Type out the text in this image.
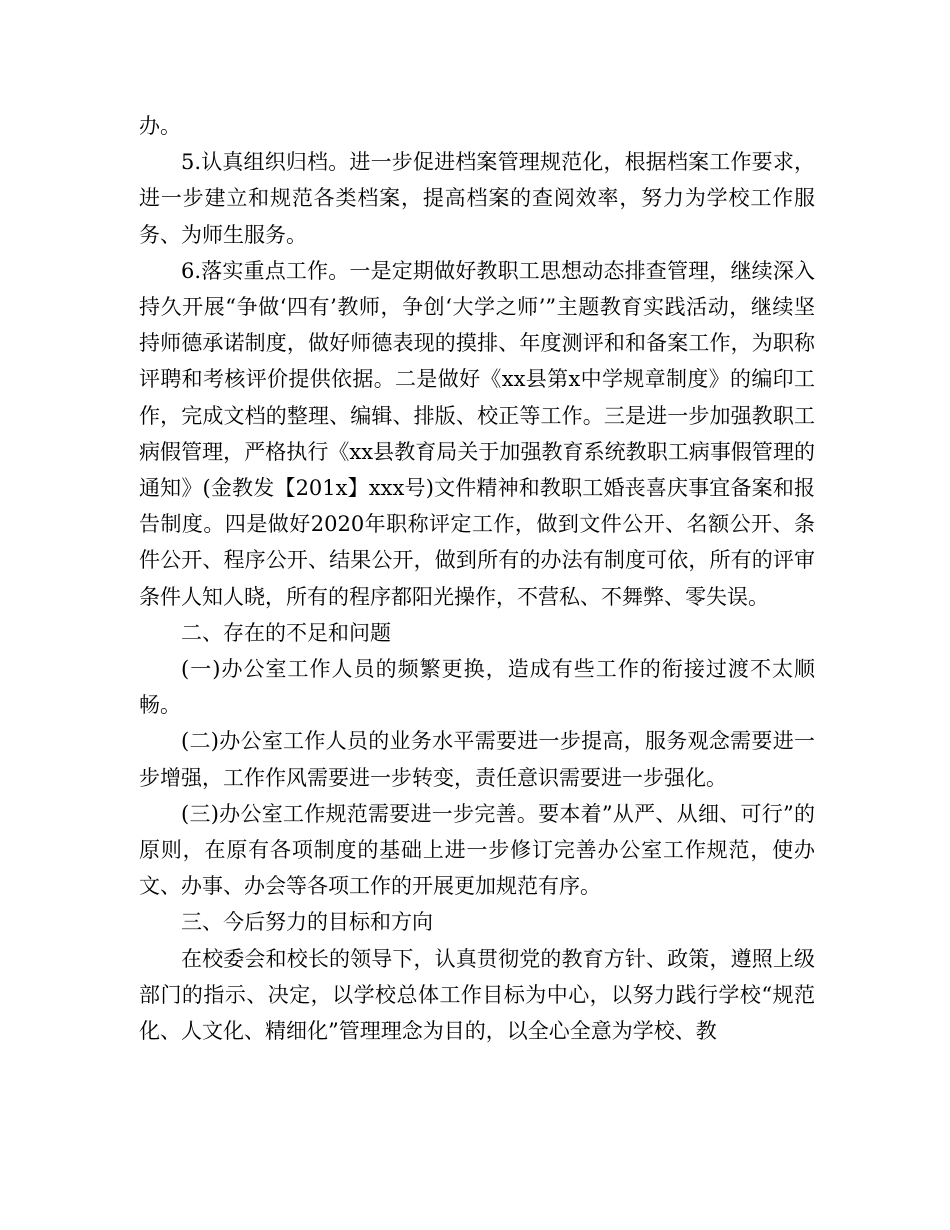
办。

5.认真组织归档。进一步促进档案管理规范化，根据档案工作要求，进一步建立和规范各类档案，提高档案的查阅效率，努力为学校工作服务、为师生服务。

6.落实重点工作。一是定期做好教职工思想动态排查管理，继续深入持久开展“争做‘四有’教师，争创‘大学之师’”主题教育实践活动，继续坚持师德承诺制度，做好师德表现的摸排、年度测评和和备案工作，为职称评聘和考核评价提供依据。二是做好《xx县第x中学规章制度》的编印工作，完成文档的整理、编辑、排版、校正等工作。三是进一步加强教职工病假管理，严格执行《xx县教育局关于加强教育系统教职工病事假管理的通知》(金教发【201x】xxx号)文件精神和教职工婚丧喜庆事宜备案和报告制度。四是做好2020年职称评定工作，做到文件公开、名额公开、条件公开、程序公开、结果公开，做到所有的办法有制度可依，所有的评审条件人知人晓，所有的程序都阳光操作，不营私、不舞弊、零失误。

二、存在的不足和问题

(一)办公室工作人员的频繁更换，造成有些工作的衔接过渡不太顺畅。

(二)办公室工作人员的业务水平需要进一步提高，服务观念需要进一步增强，工作作风需要进一步转变，责任意识需要进一步强化。

(三)办公室工作规范需要进一步完善。要本着”从严、从细、可行”的原则，在原有各项制度的基础上进一步修订完善办公室工作规范，使办文、办事、办会等各项工作的开展更加规范有序。

三、今后努力的目标和方向

在校委会和校长的领导下，认真贯彻党的教育方针、政策，遵照上级部门的指示、决定，以学校总体工作目标为中心，以努力践行学校“规范化、人文化、精细化”管理理念为目的，以全心全意为学校、教
